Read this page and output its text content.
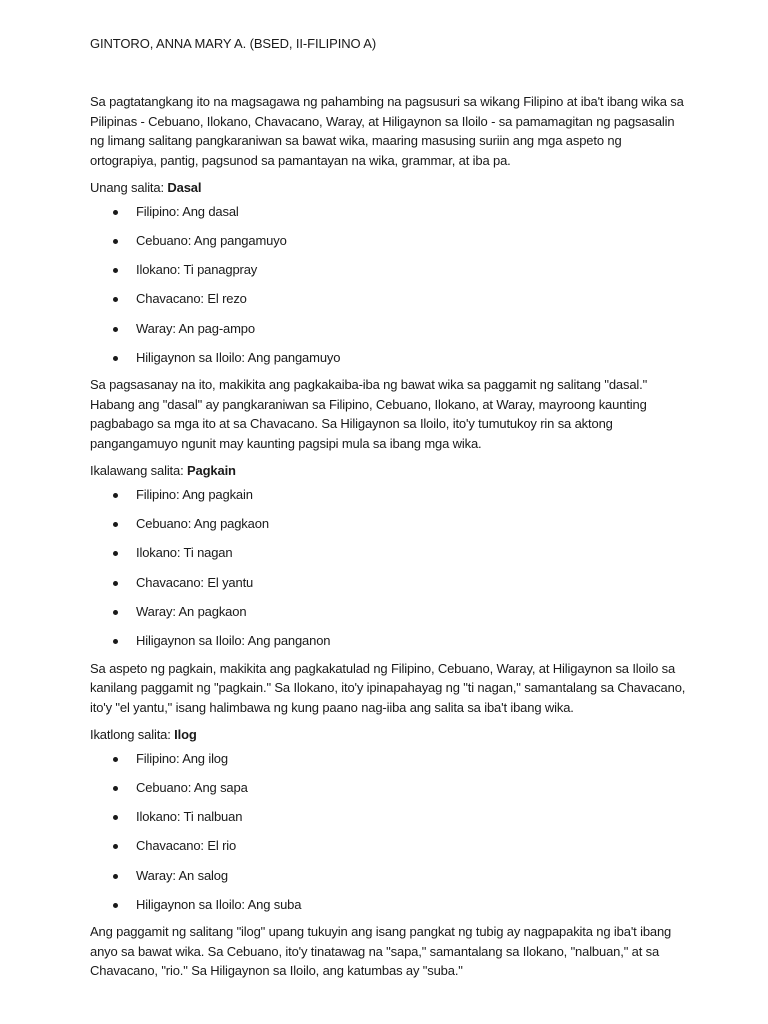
GINTORO, ANNA MARY A. (BSED, II-FILIPINO A)

Sa pagtatangkang ito na magsagawa ng pahambing na pagsusuri sa wikang Filipino at iba't ibang wika sa Pilipinas - Cebuano, Ilokano, Chavacano, Waray, at Hiligaynon sa Iloilo - sa pamamagitan ng pagsasalin ng limang salitang pangkaraniwan sa bawat wika, maaring masusing suriin ang mga aspeto ng ortograpiya, pantig, pagsunod sa pamantayan na wika, grammar, at iba pa.

Unang salita: Dasal

Filipino: Ang dasal
Cebuano: Ang pangamuyo
Ilokano: Ti panagpray
Chavacano: El rezo
Waray: An pag-ampo
Hiligaynon sa Iloilo: Ang pangamuyo

Sa pagsasanay na ito, makikita ang pagkakaiba-iba ng bawat wika sa paggamit ng salitang "dasal." Habang ang "dasal" ay pangkaraniwan sa Filipino, Cebuano, Ilokano, at Waray, mayroong kaunting pagbabago sa mga ito at sa Chavacano. Sa Hiligaynon sa Iloilo, ito'y tumutukoy rin sa aktong pangangamuyo ngunit may kaunting pagsipi mula sa ibang mga wika.

Ikalawang salita: Pagkain

Filipino: Ang pagkain
Cebuano: Ang pagkaon
Ilokano: Ti nagan
Chavacano: El yantu
Waray: An pagkaon
Hiligaynon sa Iloilo: Ang panganon

Sa aspeto ng pagkain, makikita ang pagkakatulad ng Filipino, Cebuano, Waray, at Hiligaynon sa Iloilo sa kanilang paggamit ng "pagkain." Sa Ilokano, ito'y ipinapahayag ng "ti nagan," samantalang sa Chavacano, ito'y "el yantu," isang halimbawa ng kung paano nag-iiba ang salita sa iba't ibang wika.

Ikatlong salita: Ilog

Filipino: Ang ilog
Cebuano: Ang sapa
Ilokano: Ti nalbuan
Chavacano: El rio
Waray: An salog
Hiligaynon sa Iloilo: Ang suba

Ang paggamit ng salitang "ilog" upang tukuyin ang isang pangkat ng tubig ay nagpapakita ng iba't ibang anyo sa bawat wika. Sa Cebuano, ito'y tinatawag na "sapa," samantalang sa Ilokano, "nalbuan," at sa Chavacano, "rio." Sa Hiligaynon sa Iloilo, ang katumbas ay "suba."
